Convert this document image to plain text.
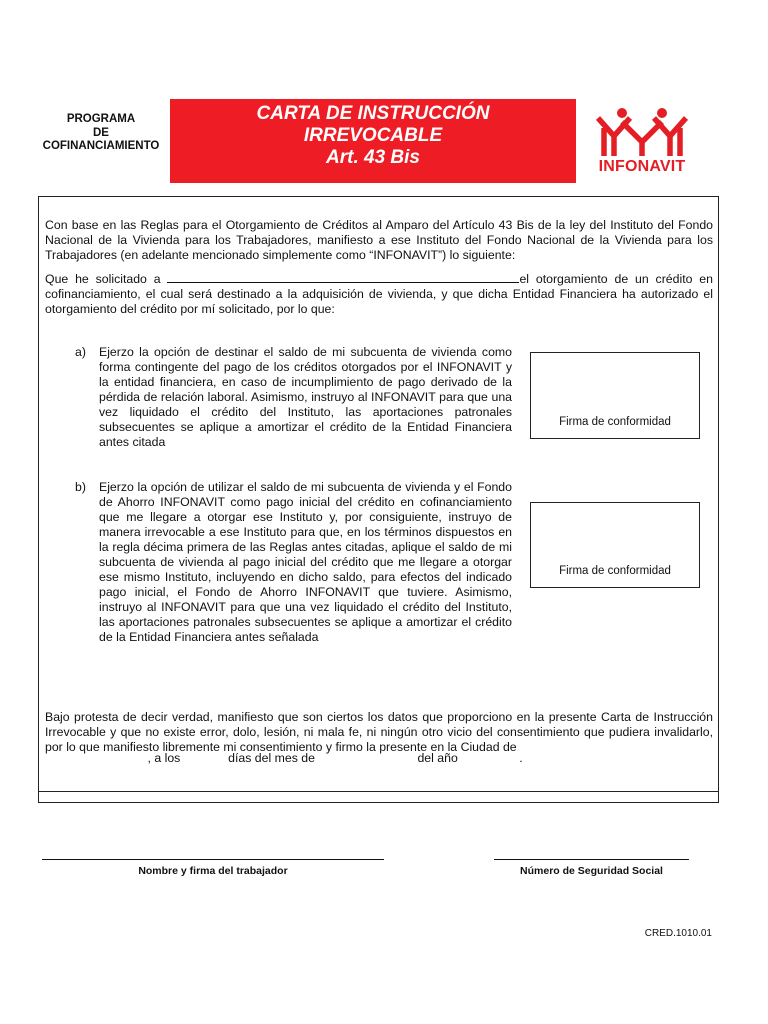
PROGRAMA
DE
COFINANCIAMIENTO
CARTA DE INSTRUCCIÓN
IRREVOCABLE
Art. 43 Bis	INFONAVIT
Con base en las Reglas para el Otorgamiento de Créditos al Amparo del Artículo 43 Bis de la ley del Instituto del Fondo Nacional de la Vivienda para los Trabajadores, manifiesto a ese Instituto del Fondo Nacional de la Vivienda para los Trabajadores (en adelante mencionado simplemente como “INFONAVIT”) lo siguiente:
Que he solicitado a	el otorgamiento de un crédito en cofinanciamiento, el cual será destinado a la adquisición de vivienda, y que dicha Entidad Financiera ha autorizado el otorgamiento del crédito por mí solicitado, por lo que:
a) Ejerzo la opción de destinar el saldo de mi subcuenta de vivienda como forma contingente del pago de los créditos otorgados por el INFONAVIT y la entidad financiera, en caso de incumplimiento de pago derivado de la pérdida de relación laboral. Asimismo, instruyo al INFONAVIT para que una vez liquidado el crédito del Instituto, las aportaciones patronales subsecuentes se aplique a amortizar el crédito de la Entidad Financiera antes citada
Firma de conformidad
b) Ejerzo la opción de utilizar el saldo de mi subcuenta de vivienda y el Fondo de Ahorro INFONAVIT como pago inicial del crédito en cofinanciamiento que me llegare a otorgar ese Instituto y, por consiguiente, instruyo de manera irrevocable a ese Instituto para que, en los términos dispuestos en la regla décima primera de las Reglas antes citadas, aplique el saldo de mi subcuenta de vivienda al pago inicial del crédito que me llegare a otorgar ese mismo Instituto, incluyendo en dicho saldo, para efectos del indicado pago inicial, el Fondo de Ahorro INFONAVIT que tuviere. Asimismo, instruyo al INFONAVIT para que una vez liquidado el crédito del Instituto, las aportaciones patronales subsecuentes se aplique a amortizar el crédito de la Entidad Financiera antes señalada
Firma de conformidad
Bajo protesta de decir verdad, manifiesto que son ciertos los datos que proporciono en la presente Carta de Instrucción Irrevocable y que no existe error, dolo, lesión, ni mala fe, ni ningún otro vicio del consentimiento que pudiera invalidarlo, por lo que manifiesto libremente mi consentimiento y firmo la presente en la Ciudad de
, a los              días del mes de                              del año                  .
Nombre y firma del trabajador	Número de Seguridad Social
CRED.1010.01
